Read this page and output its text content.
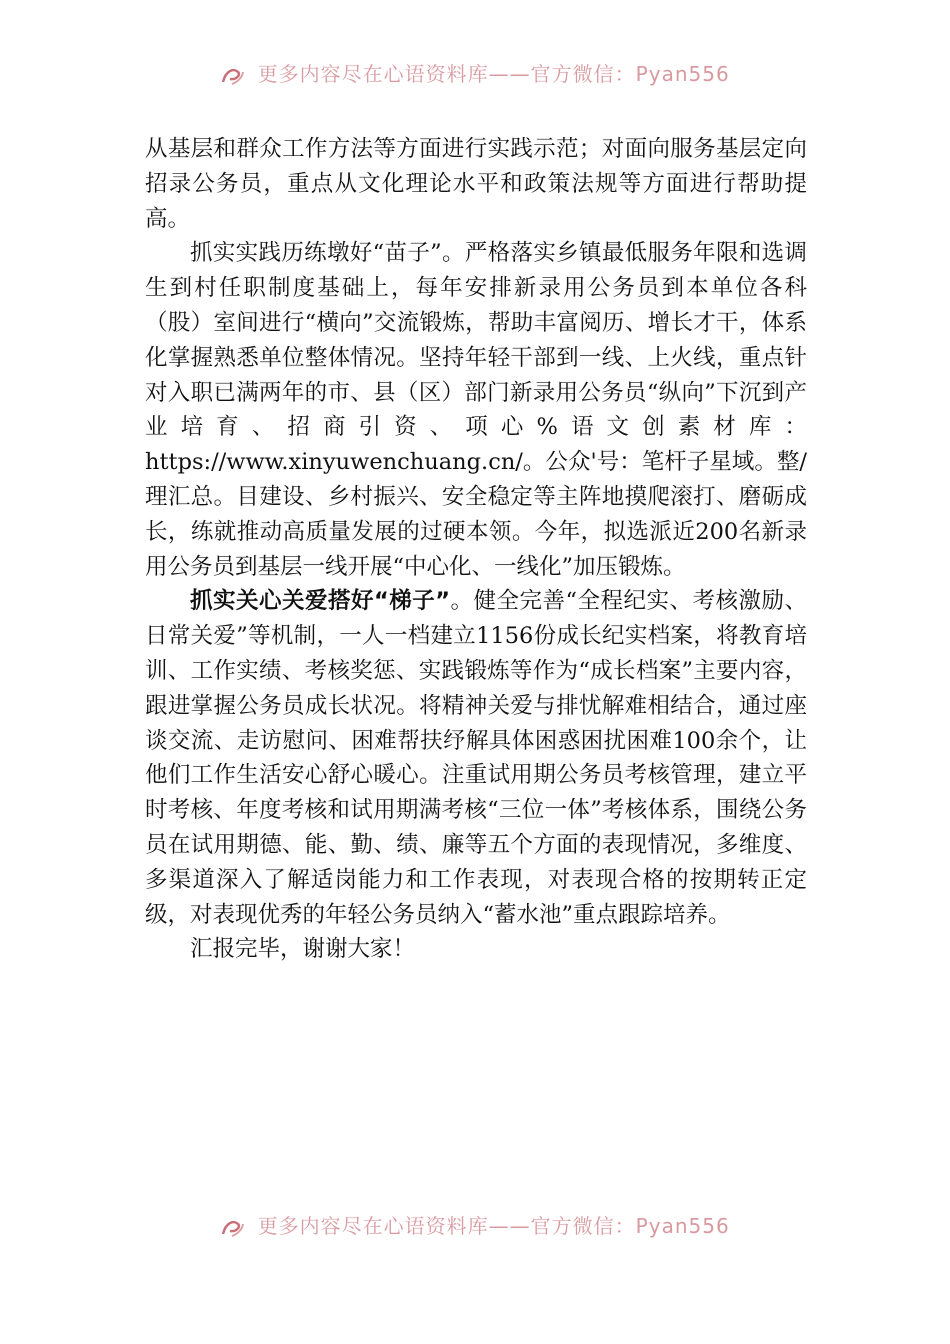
更多内容尽在心语资料库——官方微信：Pyan556

从基层和群众工作方法等方面进行实践示范；对面向服务基层定向招录公务员，重点从文化理论水平和政策法规等方面进行帮助提高。

抓实实践历练墩好“苗子”。严格落实乡镇最低服务年限和选调生到村任职制度基础上，每年安排新录用公务员到本单位各科（股）室间进行“横向”交流锻炼，帮助丰富阅历、增长才干，体系化掌握熟悉单位整体情况。坚持年轻干部到一线、上火线，重点针对入职已满两年的市、县（区）部门新录用公务员“纵向”下沉到产业培育、招商引资、项心%语文创素材库：https://www.xinyuwenchuang.cn/。公众'号：笔杆子星域。整/理汇总。目建设、乡村振兴、安全稳定等主阵地摸爬滚打、磨砺成长，练就推动高质量发展的过硬本领。今年，拟选派近200名新录用公务员到基层一线开展“中心化、一线化”加压锻炼。

抓实关心关爱搭好“梯子”。健全完善“全程纪实、考核激励、日常关爱”等机制，一人一档建立1156份成长纪实档案，将教育培训、工作实绩、考核奖惩、实践锻炼等作为“成长档案”主要内容，跟进掌握公务员成长状况。将精神关爱与排忧解难相结合，通过座谈交流、走访慰问、困难帮扶纾解具体困惑困扰困难100余个，让他们工作生活安心舒心暖心。注重试用期公务员考核管理，建立平时考核、年度考核和试用期满考核“三位一体”考核体系，围绕公务员在试用期德、能、勤、绩、廉等五个方面的表现情况，多维度、多渠道深入了解适岗能力和工作表现，对表现合格的按期转正定级，对表现优秀的年轻公务员纳入“蓄水池”重点跟踪培养。

汇报完毕，谢谢大家！

更多内容尽在心语资料库——官方微信：Pyan556
